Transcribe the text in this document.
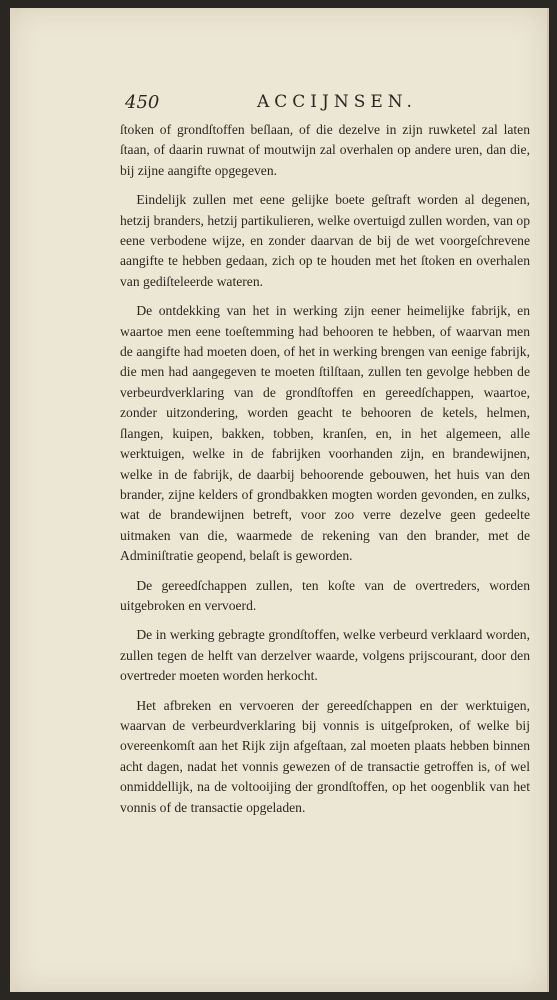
450	ACCIJNSEN.

ſtoken of grondſtoffen beſlaan, of die dezelve in zijn ruwketel zal laten ſtaan, of daarin ruwnat of moutwijn zal overhalen op andere uren, dan die, bij zijne aangifte opgegeven.

Eindelijk zullen met eene gelijke boete geſtraft worden al degenen, hetzij branders, hetzij partikulieren, welke overtuigd zullen worden, van op eene verbodene wijze, en zonder daarvan de bij de wet voorgeſchrevene aangifte te hebben gedaan, zich op te houden met het ſtoken en overhalen van gediſteleerde wateren.

De ontdekking van het in werking zijn eener heimelijke fabrijk, en waartoe men eene toeſtemming had behooren te hebben, of waarvan men de aangifte had moeten doen, of het in werking brengen van eenige fabrijk, die men had aangegeven te moeten ſtilſtaan, zullen ten gevolge hebben de verbeurdverklaring van de grondſtoffen en gereedſchappen, waartoe, zonder uitzondering, worden geacht te behooren de ketels, helmen, ſlangen, kuipen, bakken, tobben, kranſen, en, in het algemeen, alle werktuigen, welke in de fabrijken voorhanden zijn, en brandewijnen, welke in de fabrijk, de daarbij behoorende gebouwen, het huis van den brander, zijne kelders of grondbakken mogten worden gevonden, en zulks, wat de brandewijnen betreft, voor zoo verre dezelve geen gedeelte uitmaken van die, waarmede de rekening van den brander, met de Adminiſtratie geopend, belaſt is geworden.

De gereedſchappen zullen, ten koſte van de overtreders, worden uitgebroken en vervoerd.

De in werking gebragte grondſtoffen, welke verbeurd verklaard worden, zullen tegen de helft van derzelver waarde, volgens prijscourant, door den overtreder moeten worden herkocht.

Het afbreken en vervoeren der gereedſchappen en der werktuigen, waarvan de verbeurdverklaring bij vonnis is uitgeſproken, of welke bij overeenkomſt aan het Rijk zijn afgeſtaan, zal moeten plaats hebben binnen acht dagen, nadat het vonnis gewezen of de transactie getroffen is, of wel onmiddellijk, na de voltooijing der grondſtoffen, op het oogenblik van het vonnis of de transactie opgeladen.
